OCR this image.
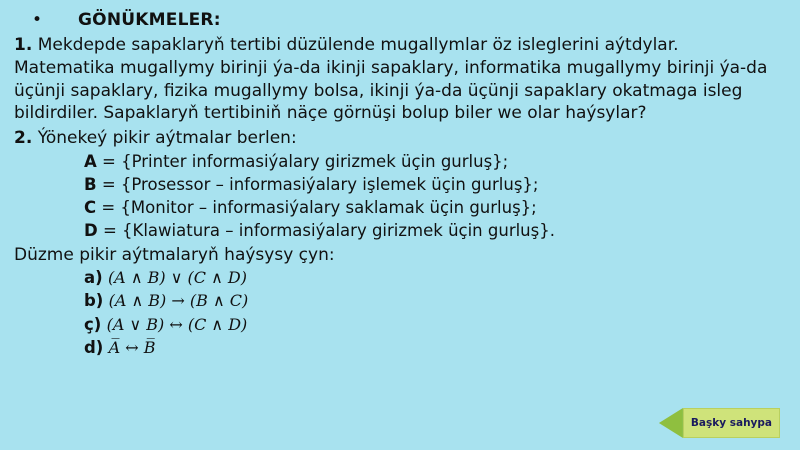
• GÖNÜKMELER:

1. Mekdepde sapaklaryň tertibi düzülende mugallymlar öz isleglerini aýtdylar. Matematika mugallymy birinji ýa-da ikinji sapaklary, informatika mugallymy birinji ýa-da üçünji sapaklary, fizika mugallymy bolsa, ikinji ýa-da üçünji sapaklary okatmaga isleg bildirdiler. Sapaklaryň tertibiniň näçe görnüşi bolup biler we olar haýsylar?

2. Ýönekeý pikir aýtmalar berlen:

A = {Printer informasiýalary girizmek üçin gurluş};

B = {Prosessor – informasiýalary işlemek üçin gurluş};

C = {Monitor – informasiýalary saklamak üçin gurluş};

D = {Klawiatura – informasiýalary girizmek üçin gurluş}.

Düzme pikir aýtmalaryň haýsysy çyn:

a) (A ∧ B) ∨ (C ∧ D)

b) (A ∧ B) → (B ∧ C)

ç) (A ∨ B) ↔ (C ∧ D)

d) A̅ ↔ B̅

Başky sahypa
